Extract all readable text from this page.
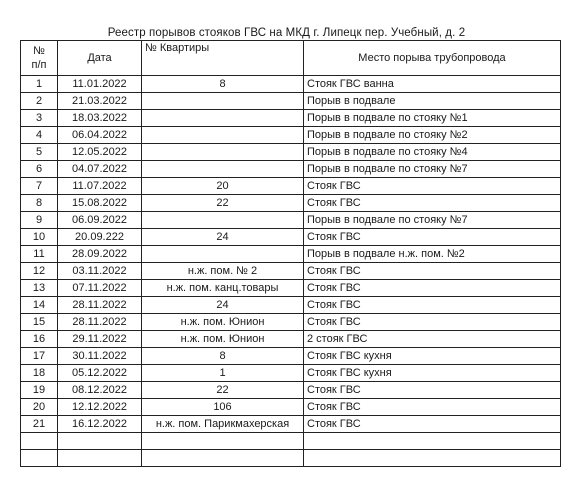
Реестр порывов стояков ГВС на МКД г. Липецк пер. Учебный, д. 2
№
п/п	Дата	№ Квартиры	Место порыва трубопровода
1	11.01.2022	8	Стояк ГВС ванна
2	21.03.2022		Порыв в подвале
3	18.03.2022		Порыв в подвале по стояку №1
4	06.04.2022		Порыв в подвале по стояку №2
5	12.05.2022		Порыв в подвале по стояку №4
6	04.07.2022		Порыв в подвале по стояку №7
7	11.07.2022	20	Стояк ГВС
8	15.08.2022	22	Стояк ГВС
9	06.09.2022		Порыв в подвале по стояку №7
10	20.09.222	24	Стояк ГВС
11	28.09.2022		Порыв в подвале н.ж. пом. №2
12	03.11.2022	н.ж. пом. № 2	Стояк ГВС
13	07.11.2022	н.ж. пом. канц.товары	Стояк ГВС
14	28.11.2022	24	Стояк ГВС
15	28.11.2022	н.ж. пом. Юнион	Стояк ГВС
16	29.11.2022	н.ж. пом. Юнион	2 стояк ГВС
17	30.11.2022	8	Стояк ГВС кухня
18	05.12.2022	1	Стояк ГВС кухня
19	08.12.2022	22	Стояк ГВС
20	12.12.2022	106	Стояк ГВС
21	16.12.2022	н.ж. пом. Парикмахерская	Стояк ГВС
